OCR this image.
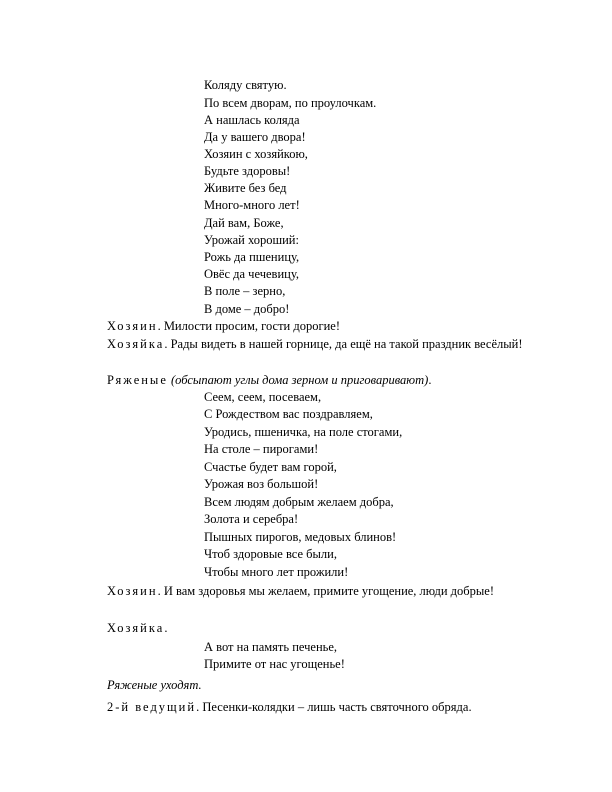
Коляду святую.
По всем дворам, по проулочкам.
А нашлась коляда
Да у вашего двора!
Хозяин с хозяйкою,
Будьте здоровы!
Живите без бед
Много-много лет!
Дай вам, Боже,
Урожай хороший:
Рожь да пшеницу,
Овёс да чечевицу,
В поле – зерно,
В доме – добро!
Хозяин. Милости просим, гости дорогие!
Хозяйка. Рады видеть в нашей горнице, да ещё на такой праздник весёлый!
Ряженые (обсыпают углы дома зерном и приговаривают).
Сеем, сеем, посеваем,
С Рождеством вас поздравляем,
Уродись, пшеничка, на поле стогами,
На столе – пирогами!
Счастье будет вам горой,
Урожая воз большой!
Всем людям добрым желаем добра,
Золота и серебра!
Пышных пирогов, медовых блинов!
Чтоб здоровые все были,
Чтобы много лет прожили!
Хозяин. И вам здоровья мы желаем, примите угощение, люди добрые!
Хозяйка.
А вот на память печенье,
Примите от нас угощенье!
Ряженые уходят.
2-й ведущий. Песенки-колядки – лишь часть святочного обряда.
